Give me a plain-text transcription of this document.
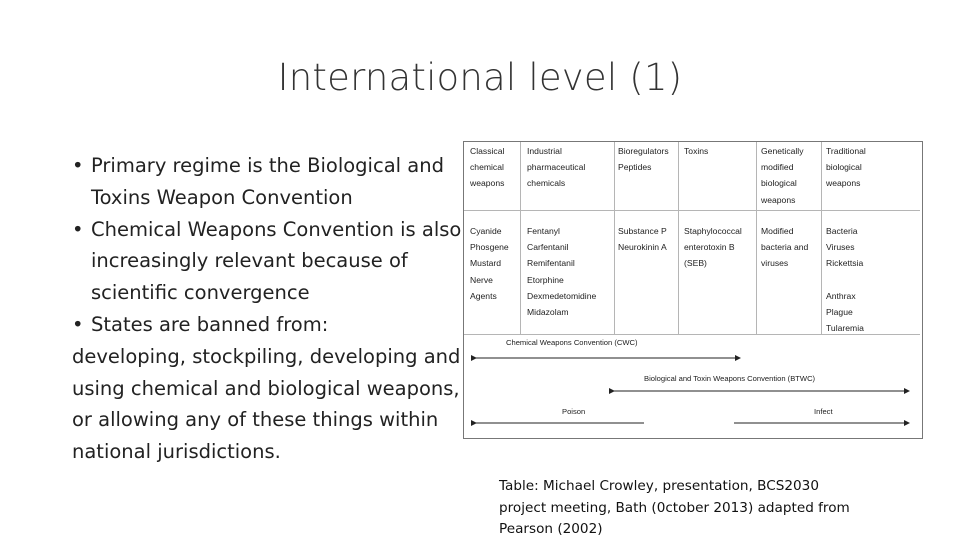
International level (1)
• Primary regime is the Biological and Toxins Weapon Convention
• Chemical Weapons Convention is also increasingly relevant because of scientific convergence
• States are banned from:
developing, stockpiling, developing and using chemical and biological weapons, or allowing any of these things within national jurisdictions.
Classical
chemical
weapons
Industrial
pharmaceutical
chemicals
Bioregulators
Peptides
Toxins	Genetically
modified
biological
weapons
Traditional
biological
weapons
Cyanide
Phosgene
Mustard
Nerve
Agents
Fentanyl
Carfentanil
Remifentanil
Etorphine
Dexmedetomidine
Midazolam
Substance P
Neurokinin A
Staphylococcal
enterotoxin B
(SEB)
Modified
bacteria and
viruses
Bacteria
Viruses
Rickettsia

Anthrax
Plague
Tularemia
Chemical Weapons Convention (CWC)
Biological and Toxin Weapons Convention (BTWC)
Poison	Infect
Table: Michael Crowley, presentation, BCS2030
project meeting, Bath (0ctober 2013) adapted from
Pearson (2002)
